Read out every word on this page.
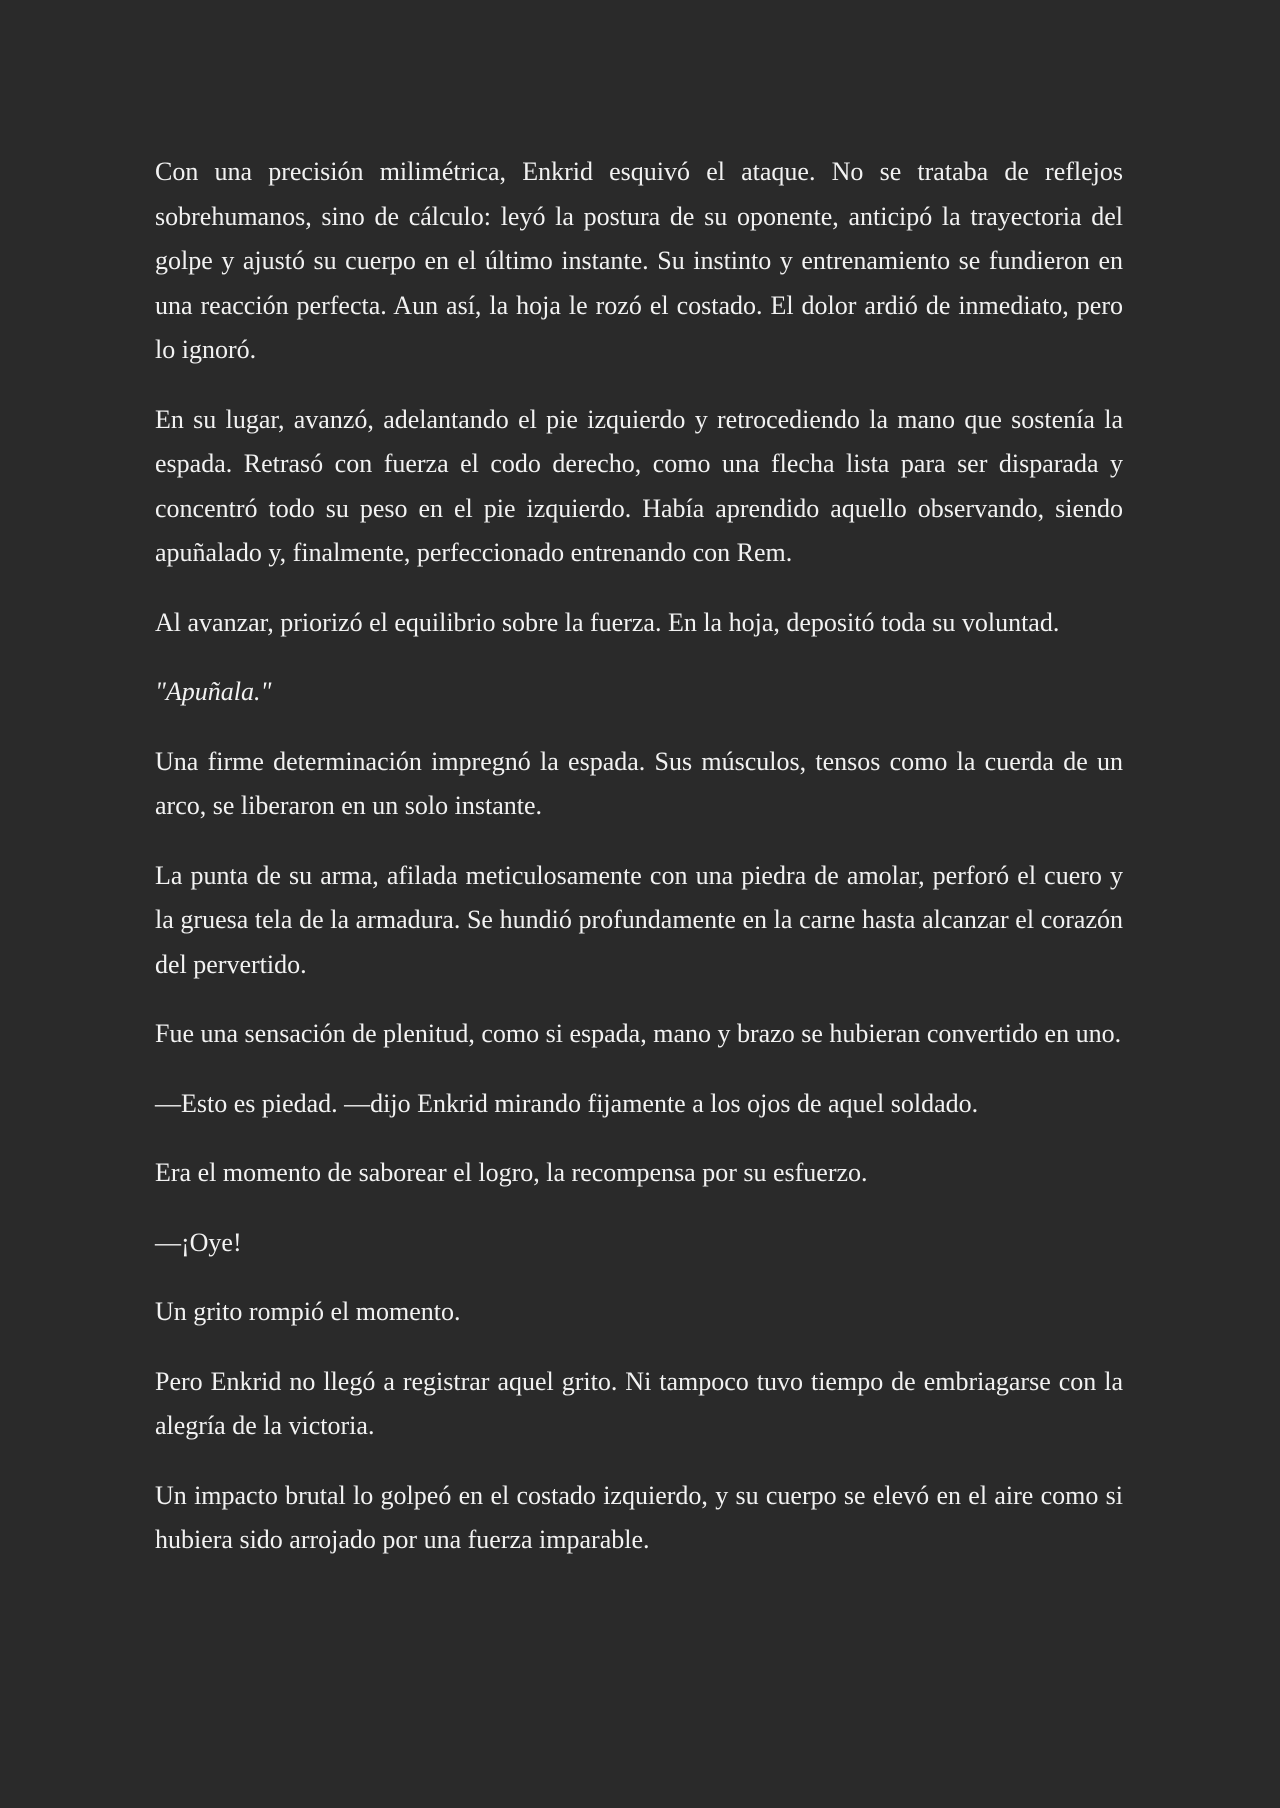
Con una precisión milimétrica, Enkrid esquivó el ataque. No se trataba de reflejos sobrehumanos, sino de cálculo: leyó la postura de su oponente, anticipó la trayectoria del golpe y ajustó su cuerpo en el último instante. Su instinto y entrenamiento se fundieron en una reacción perfecta. Aun así, la hoja le rozó el costado. El dolor ardió de inmediato, pero lo ignoró.

En su lugar, avanzó, adelantando el pie izquierdo y retrocediendo la mano que sostenía la espada. Retrasó con fuerza el codo derecho, como una flecha lista para ser disparada y concentró todo su peso en el pie izquierdo. Había aprendido aquello observando, siendo apuñalado y, finalmente, perfeccionado entrenando con Rem.

Al avanzar, priorizó el equilibrio sobre la fuerza. En la hoja, depositó toda su voluntad.

"Apuñala."

Una firme determinación impregnó la espada. Sus músculos, tensos como la cuerda de un arco, se liberaron en un solo instante.

La punta de su arma, afilada meticulosamente con una piedra de amolar, perforó el cuero y la gruesa tela de la armadura. Se hundió profundamente en la carne hasta alcanzar el corazón del pervertido.

Fue una sensación de plenitud, como si espada, mano y brazo se hubieran convertido en uno.

—Esto es piedad. —dijo Enkrid mirando fijamente a los ojos de aquel soldado.

Era el momento de saborear el logro, la recompensa por su esfuerzo.

—¡Oye!

Un grito rompió el momento.

Pero Enkrid no llegó a registrar aquel grito. Ni tampoco tuvo tiempo de embriagarse con la alegría de la victoria.

Un impacto brutal lo golpeó en el costado izquierdo, y su cuerpo se elevó en el aire como si hubiera sido arrojado por una fuerza imparable.
